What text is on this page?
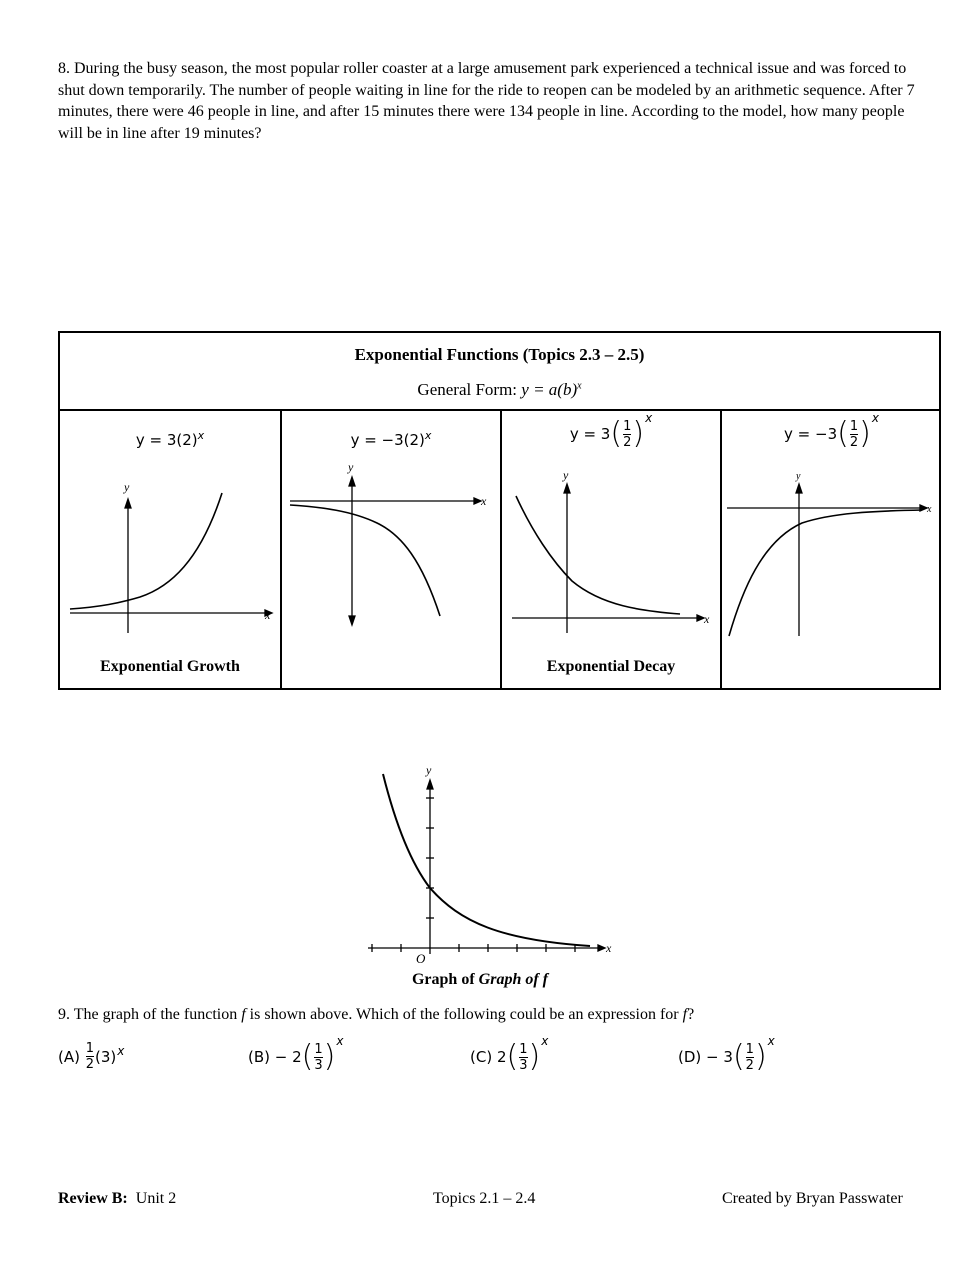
8. During the busy season, the most popular roller coaster at a large amusement park experienced a technical issue and was forced to shut down temporarily. The number of people waiting in line for the ride to reopen can be modeled by an arithmetic sequence. After 7 minutes, there were 46 people in line, and after 15 minutes there were 134 people in line. According to the model, how many people will be in line after 19 minutes?
Exponential Functions (Topics 2.3 – 2.5)
General Form: $y = a(b)^x$
$y = 3(2)^x$
x
y
Exponential Growth
$y = -3(2)^x$
x
y
y = 3 ( $\frac{1}{2}$ ) x
x
y
Exponential Decay
y = −3 ( $\frac{1}{2}$ ) x
x
y
x
y
O
Graph of Graph of f
9. The graph of the function f is shown above. Which of the following could be an expression for f?
(A)
$\frac{1}{2} (3)$ x	(B)
− 2 ( $\frac{1}{3}$ ) x
(C)
2 ( $\frac{1}{3}$ ) x
(D)
− 3 ( $\frac{1}{2}$ ) x
Review B: Unit 2	Topics 2.1 – 2.4	Created by Bryan Passwater
